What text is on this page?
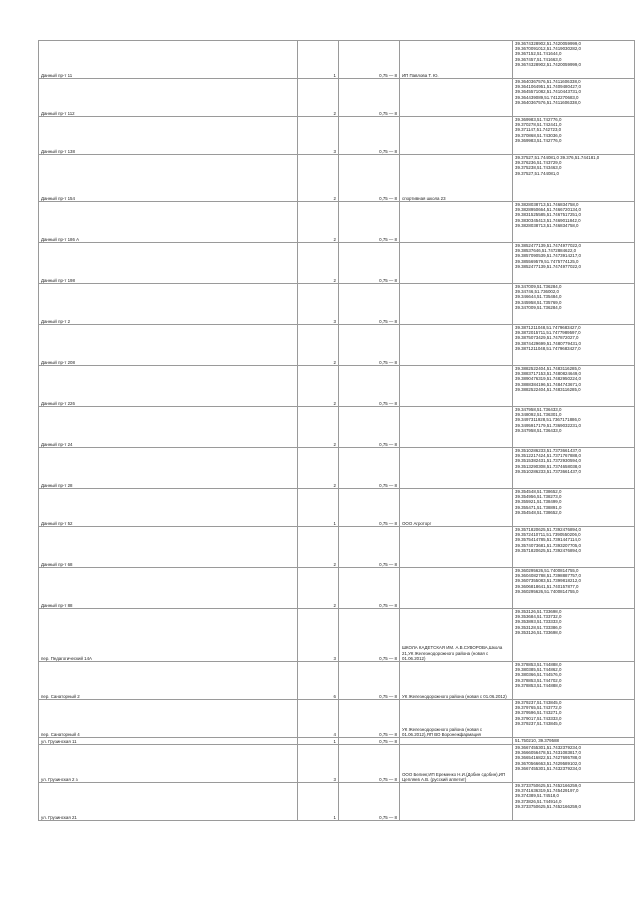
Данный пр-т 11	1	0,75 — 8	ИП Павлова Т. Ю.	39.3674328902,51.7420059999,0
39.3670091012,51.7419030282,0
39.367152,51.741644,0
39.367457,51.741663,0
39.3674328902,51.7420059999,0

Данный пр-т 112	2	0,75 — 8		39.3640367576,51.7411606338,0
39.3641064951,51.7409480427,0
39.3645571082,51.7410443731,0
39.364439089,51.7412270683,0
39.3640367576,51.7411606338,0

Данный пр-т 138	3	0,75 — 8		39.369983,51.742776,0
39.370278,51.742441,0
39.371147,51.742723,0
39.370868,51.743036,0
39.369983,51.742776,0

Данный пр-т 154	2	0,75 — 8	спортивная школа 23	39.37527,51.744081,0 39.376,51.744181,0
39.376236,51.743729,0
39.375238,51.743463,0
39.37527,51.744081,0

Данный пр-т 186 А	2	0,75 — 8		39.3828038713,51.746834758,0
39.3828950664,51.7466720134,0
39.3831525585,51.7467517251,0
39.3830345413,51.7469011842,0
39.3828038713,51.746834758,0

Данный пр-т 198	2	0,75 — 8		39.3852477139,51.7474977022,0
39.38537646,51.7472884622,0
39.3857090539,51.7473914217,0
39.385569579,51.7475774125,0
39.3852477139,51.7474977022,0

Данный пр-т 2	3	0,75 — 8		39.347009,51.736284,0
39.34746,51.736002,0
39.346644,51.735484,0
39.345958,51.735769,0
39.347009,51.736284,0

Данный пр-т 208	2	0,75 — 8		39.3871211048,51.7479683427,0
39.3872015711,51.7477989597,0
39.3875073429,51.747872027,0
39.3874429699,51.7480779431,0
39.3871211048,51.7479683427,0

Данный пр-т 226	2	0,75 — 8		39.3882522404,51.7483116285,0
39.3883717153,51.7480824649,0
39.3890476319,51.7482950224,0
39.3888384196,51.7484743671,0
39.3882522404,51.7483116285,0

Данный пр-т 24	2	0,75 — 8		39.347958,51.736433,0
39.348092,51.736301,0
39.3497311928,51.7367171886,0
39.3495917179,51.7369032231,0
39.347958,51.736433,0

Данный пр-т 28	2	0,75 — 8		39.3510286233,51.7373661437,0
39.3512217424,51.7371767888,0
39.3515382431,51.7372930594,0
39.3513290308,51.7374658038,0
39.3510286233,51.7373661437,0

Данный пр-т 52	1	0,75 — 8	ООО Агроторг	39.354548,51.738652,0
39.354956,51.738273,0
39.355921,51.738499,0
39.355471,51.738891,0
39.354548,51.738652,0

Данный пр-т 68	2	0,75 — 8		39.3571820625,51.7392476894,0
39.3572410711,51.7390550206,0
39.3575414785,51.7391447114,0
39.3574073681,51.7393207705,0
39.3571820625,51.7392476894,0

Данный пр-т 88	2	0,75 — 8		39.360295626,51.7400814755,0
39.3604082788,51.7398887757,0
39.3607355083,51.7399818212,0
39.3606818641,51.740157877,0
39.360295626,51.7400814755,0

пер. Педагогический 14А	3	0,75 — 8	ШКОЛА КАДЕТСКАЯ ИМ. А.В.СУВОРОВА,Школа 21,УК Железнодорожного района (новая с 01.06.2012)	39.353126,51.733698,0
39.353684,51.733732,0
39.353893,51.733333,0
39.353128,51.733386,0
39.353126,51.733698,0

пер. Санаторный 2	6	0,75 — 8	УК Железнодорожного района (новая с 01.06.2012)	39.378853,51.744888,0
39.380385,51.744862,0
39.380366,51.744576,0
39.378853,51.744702,0
39.378853,51.744888,0

пер. Санаторный 4	4	0,75 — 8	УК Железнодорожного района (новая с 01.06.2012),ЯП ВО Воронежфармация	39.379237,51.743845,0
39.379765,51.743772,0
39.379596,51.743271,0
39.379017,51.743333,0
39.379237,51.743845,0

ул. Грузинская 11	1	0,75 — 8		51.750210, 39.379588

ул. Грузинская 2 з	3	0,75 — 8	ООО Белинг,ИП Еременко Н.И.(Добин сдобин),ИП Цепляев А.В. (русский аппетит)	39.3667455301,51.7432379234,0
39.3666056478,51.7431083817,0
39.3665416822,51.7427695788,0
39.3670566663,51.7429589102,0
39.3667455301,51.7432379234,0

ул. Грузинская 21	1	0,75 — 8		39.3733750625,51.7452166259,0
39.3741636319,51.745429197,0
39.374389,51.74518,0
39.373826,51.744914,0
39.3733750625,51.7452166259,0
